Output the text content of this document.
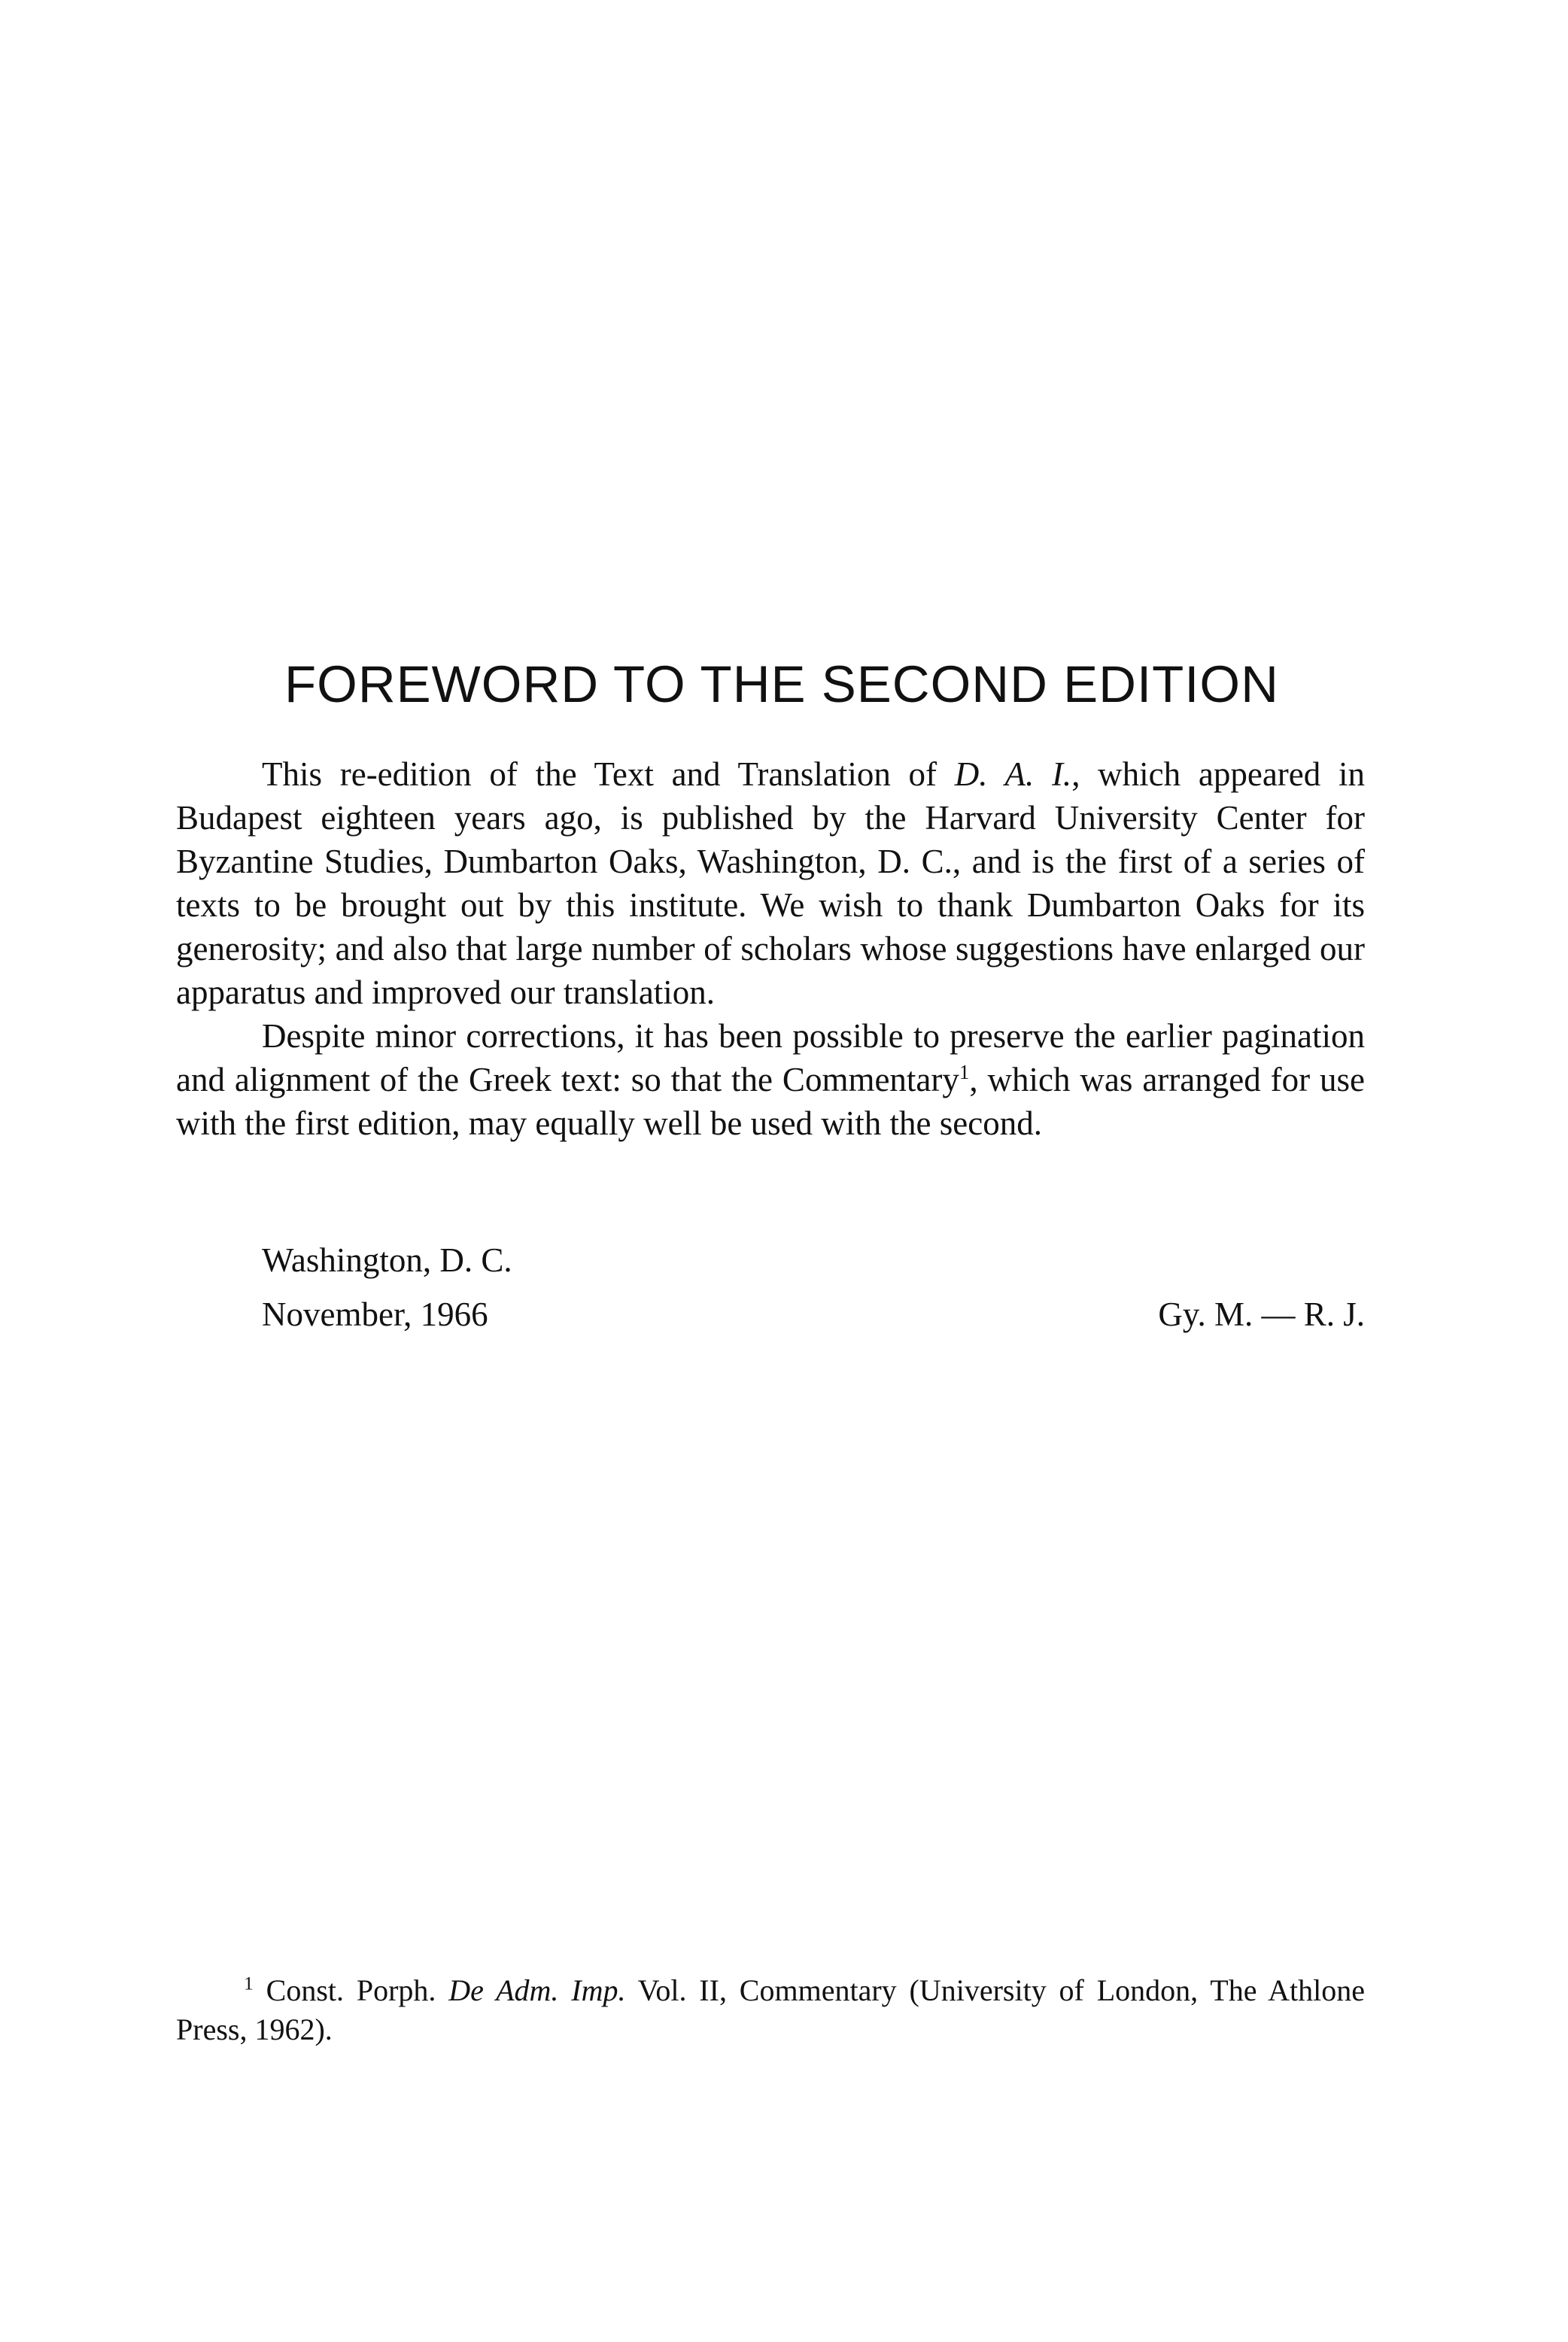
FOREWORD TO THE SECOND EDITION

This re-edition of the Text and Translation of D. A. I., which appeared in Budapest eighteen years ago, is published by the Harvard University Center for Byzantine Studies, Dumbarton Oaks, Washington, D. C., and is the first of a series of texts to be brought out by this institute. We wish to thank Dumbarton Oaks for its generosity; and also that large number of scholars whose suggestions have enlarged our apparatus and improved our translation.

Despite minor corrections, it has been possible to preserve the earlier pagination and alignment of the Greek text: so that the Commentary$^1$, which was arranged for use with the first edition, may equally well be used with the second.

Washington, D. C.
November, 1966	Gy. M. — R. J.

$^1$ Const. Porph. De Adm. Imp. Vol. II, Commentary (University of London, The Athlone Press, 1962).
